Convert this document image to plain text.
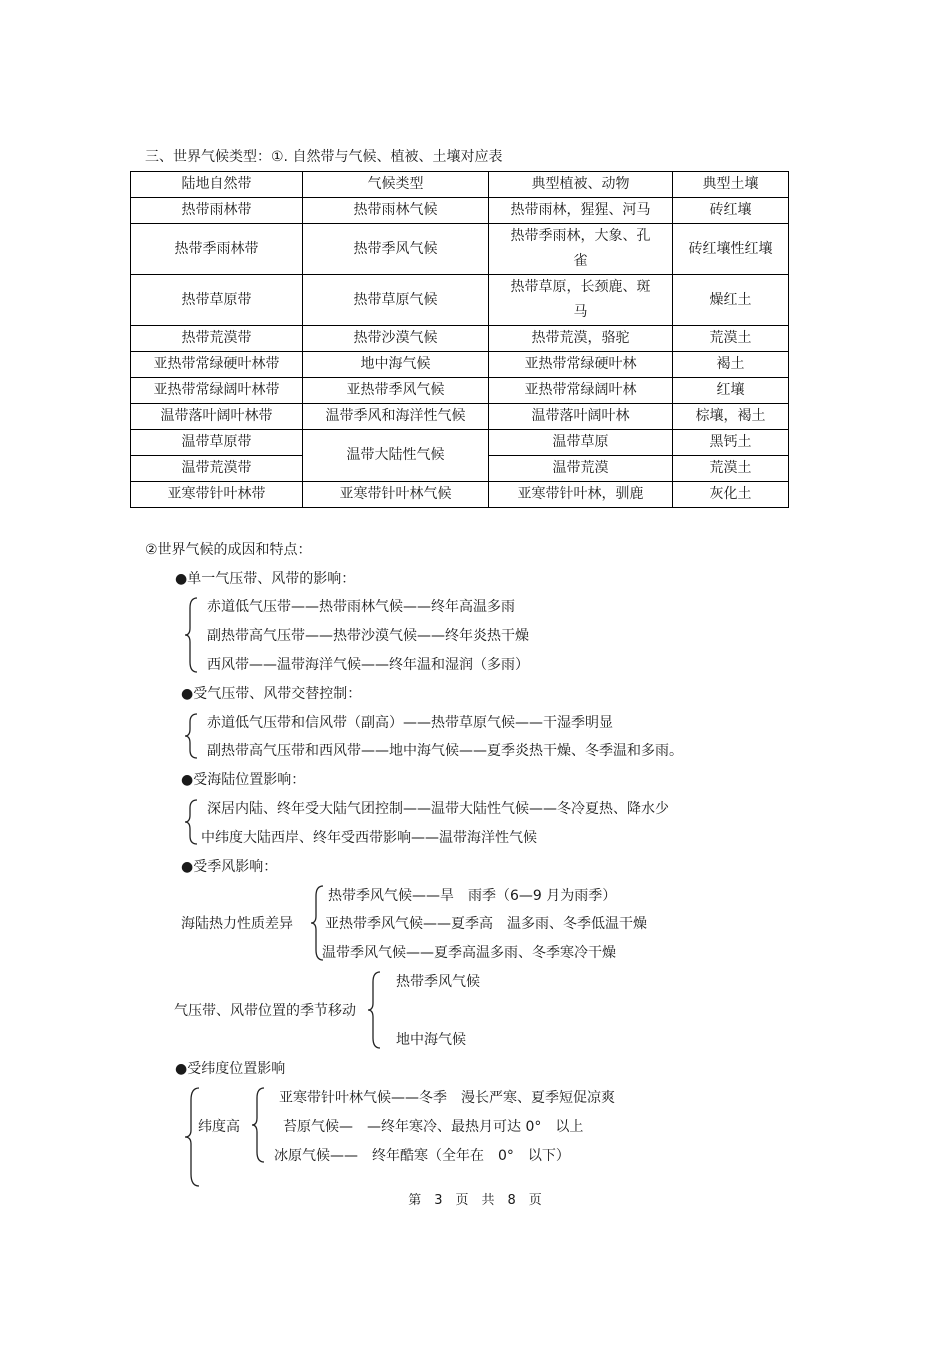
三、世界气候类型：①. 自然带与气候、植被、土壤对应表
陆地自然带	气候类型	典型植被、动物	典型土壤
热带雨林带	热带雨林气候	热带雨林，猩猩、河马	砖红壤
热带季雨林带	热带季风气候	热带季雨林，大象、孔雀	砖红壤性红壤
热带草原带	热带草原气候	热带草原，长颈鹿、斑马	燥红土
热带荒漠带	热带沙漠气候	热带荒漠，骆驼	荒漠土
亚热带常绿硬叶林带	地中海气候	亚热带常绿硬叶林	褐土
亚热带常绿阔叶林带	亚热带季风气候	亚热带常绿阔叶林	红壤
温带落叶阔叶林带	温带季风和海洋性气候	温带落叶阔叶林	棕壤，褐土
温带草原带	温带大陆性气候	温带草原	黑钙土
温带荒漠带		温带荒漠	荒漠土
亚寒带针叶林带	亚寒带针叶林气候	亚寒带针叶林，驯鹿	灰化土
②世界气候的成因和特点：
●单一气压带、风带的影响：
赤道低气压带——热带雨林气候——终年高温多雨
副热带高气压带——热带沙漠气候——终年炎热干燥
西风带——温带海洋气候——终年温和湿润（多雨）
●受气压带、风带交替控制：
赤道低气压带和信风带（副高）——热带草原气候——干湿季明显
副热带高气压带和西风带——地中海气候——夏季炎热干燥、冬季温和多雨。
●受海陆位置影响：
深居内陆、终年受大陆气团控制——温带大陆性气候——冬冷夏热、降水少
中纬度大陆西岸、终年受西带影响——温带海洋性气候
●受季风影响：
海陆热力性质差异
热带季风气候——旱　雨季（6—9 月为雨季）
亚热带季风气候——夏季高　温多雨、冬季低温干燥
温带季风气候——夏季高温多雨、冬季寒冷干燥
气压带、风带位置的季节移动
热带季风气候
地中海气候
●受纬度位置影响
纬度高
亚寒带针叶林气候——冬季　漫长严寒、夏季短促凉爽
苔原气候—　—终年寒冷、最热月可达 0°　以上
冰原气候——　终年酷寒（全年在　0°　以下）
第　3　页　共　8　页
